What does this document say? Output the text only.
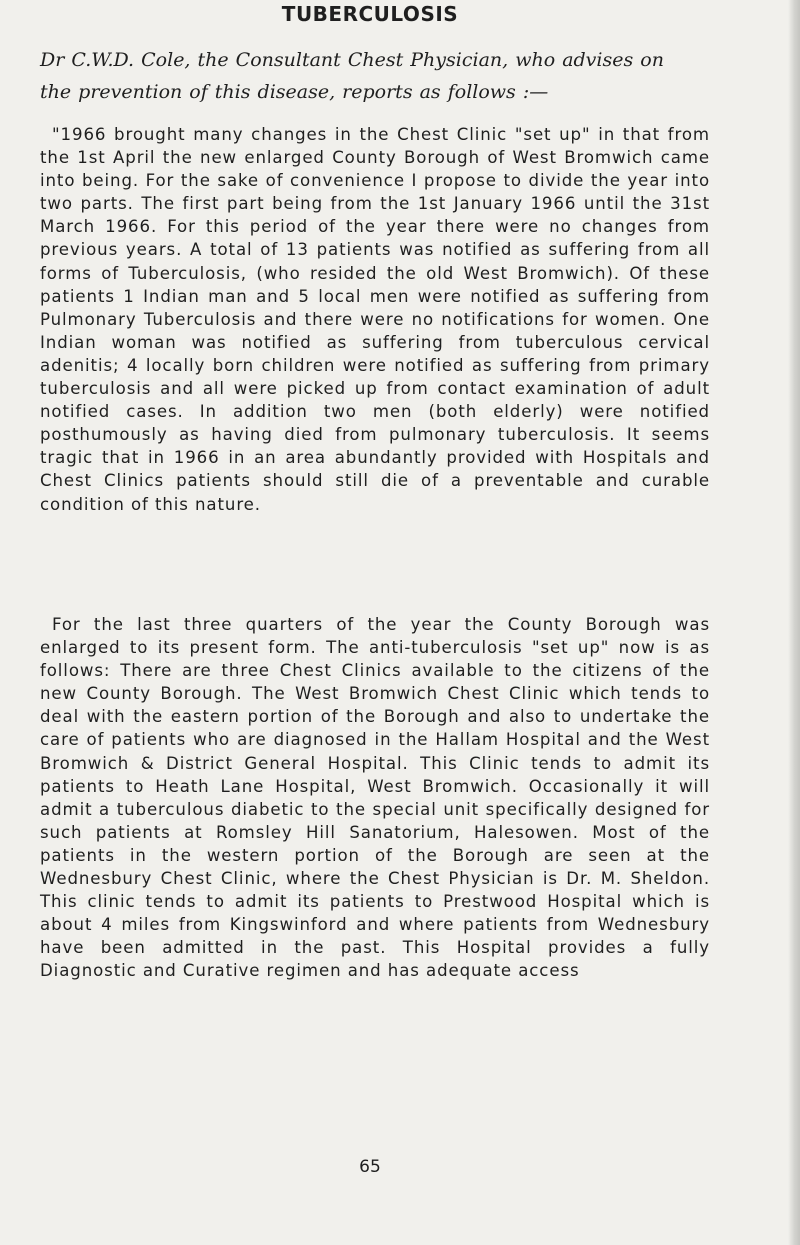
TUBERCULOSIS
Dr C.W.D. Cole, the Consultant Chest Physician, who advises on the prevention of this disease, reports as follows :—
"1966 brought many changes in the Chest Clinic "set up" in that from the 1st April the new enlarged County Borough of West Bromwich came into being. For the sake of convenience I propose to divide the year into two parts. The first part being from the 1st January 1966 until the 31st March 1966. For this period of the year there were no changes from previous years. A total of 13 patients was notified as suffering from all forms of Tuberculosis, (who resided the old West Bromwich). Of these patients 1 Indian man and 5 local men were notified as suffering from Pulmonary Tuberculosis and there were no notifications for women. One Indian woman was notified as suffering from tuberculous cervical adenitis; 4 locally born children were notified as suffering from primary tuberculosis and all were picked up from contact examination of adult notified cases. In addition two men (both elderly) were notified posthumously as having died from pulmonary tuberculosis. It seems tragic that in 1966 in an area abundantly provided with Hospitals and Chest Clinics patients should still die of a preventable and curable condition of this nature.
For the last three quarters of the year the County Borough was enlarged to its present form. The anti-tuberculosis "set up" now is as follows: There are three Chest Clinics available to the citizens of the new County Borough. The West Bromwich Chest Clinic which tends to deal with the eastern portion of the Borough and also to undertake the care of patients who are diagnosed in the Hallam Hospital and the West Bromwich & District General Hospital. This Clinic tends to admit its patients to Heath Lane Hospital, West Bromwich. Occasionally it will admit a tuberculous diabetic to the special unit specifically designed for such patients at Romsley Hill Sanatorium, Halesowen. Most of the patients in the western portion of the Borough are seen at the Wednesbury Chest Clinic, where the Chest Physician is Dr. M. Sheldon. This clinic tends to admit its patients to Prestwood Hospital which is about 4 miles from Kingswinford and where patients from Wednesbury have been admitted in the past. This Hospital provides a fully Diagnostic and Curative regimen and has adequate access
65
